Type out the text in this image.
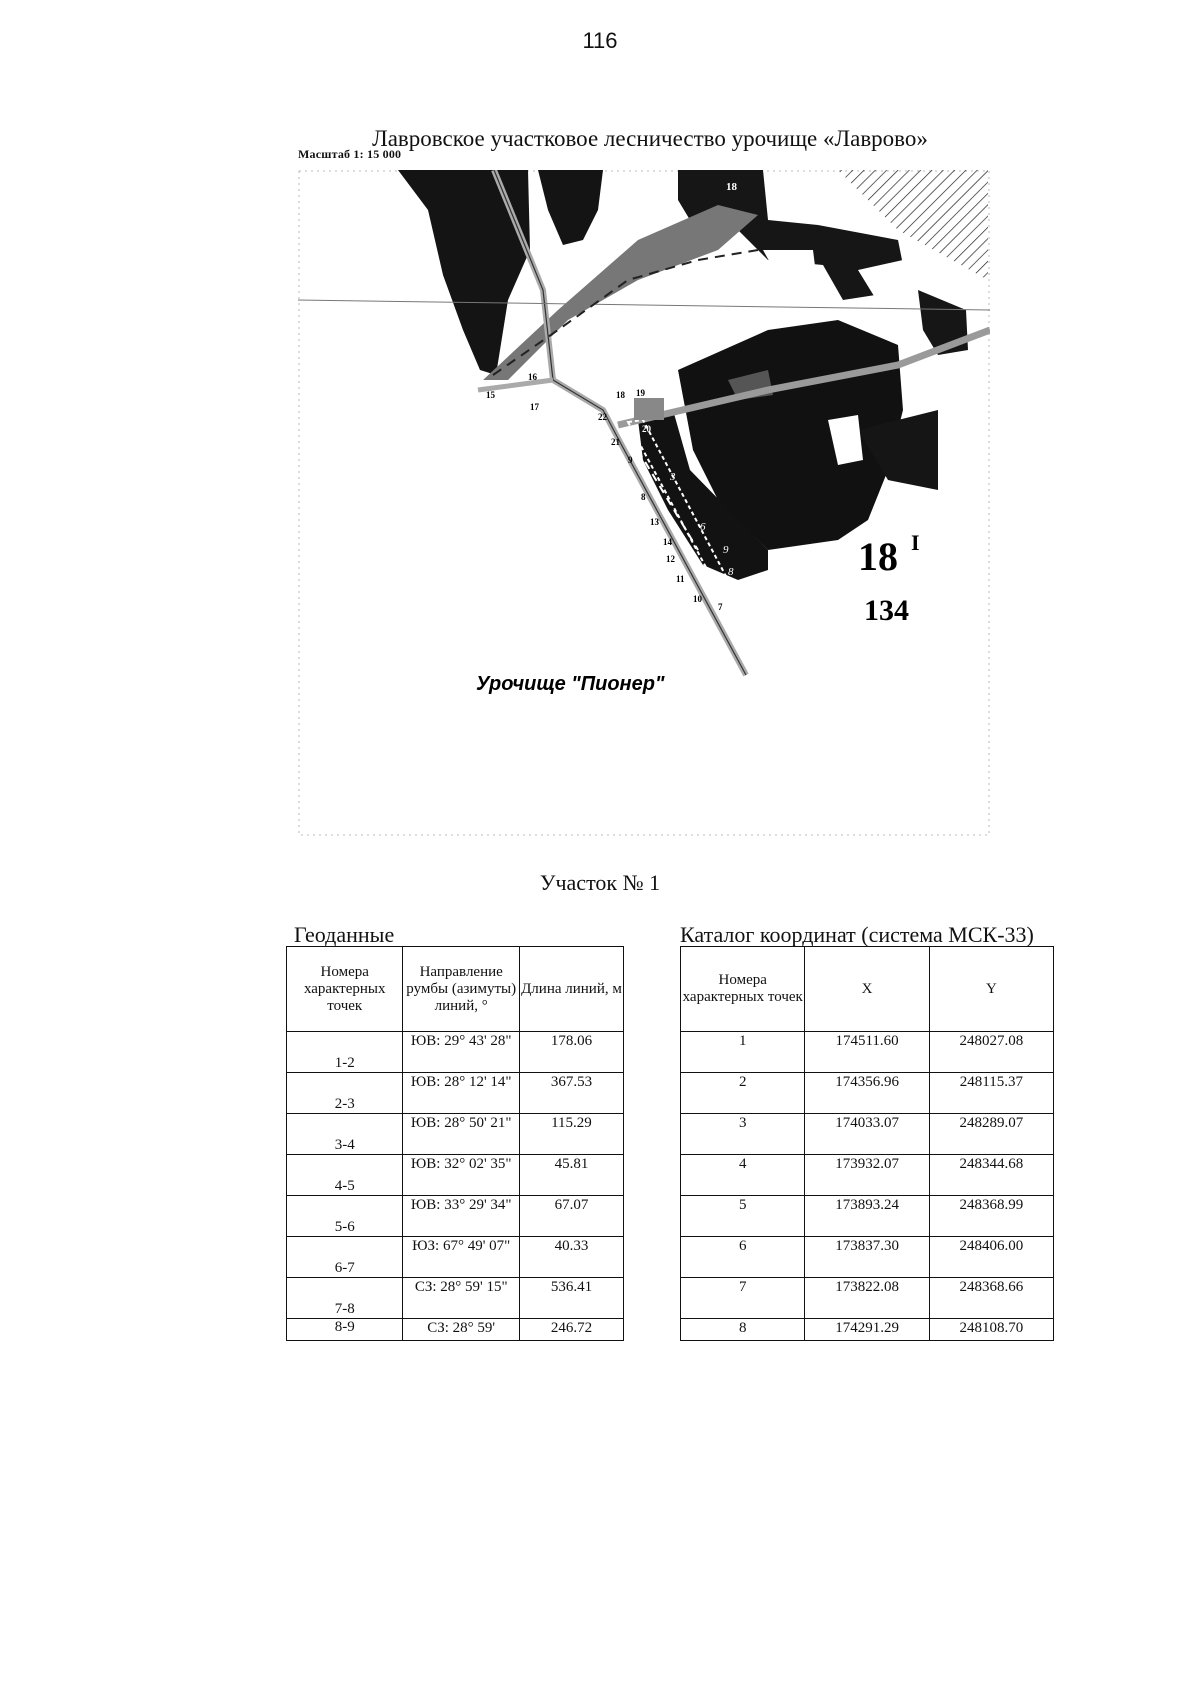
116
Лавровское участковое лесничество урочище «Лаврово»
Масштаб 1: 15 000
15
16
17
18 19
20
22
21
9
8
13
14
12
11
10
7
6
3
6
9
8
18
18 I
134
Урочище "Пионер"
Участок № 1
Геоданные	Каталог координат (система МСК-33)
Номера характерных точек	Направление румбы (азимуты) линий, °	Длина линий, м
1-2	ЮВ: 29° 43' 28"	178.06
2-3	ЮВ: 28° 12' 14"	367.53
3-4	ЮВ: 28° 50' 21"	115.29
4-5	ЮВ: 32° 02' 35"	45.81
5-6	ЮВ: 33° 29' 34"	67.07
6-7	ЮЗ: 67° 49' 07"	40.33
7-8	СЗ: 28° 59' 15"	536.41
8-9	СЗ: 28° 59'	246.72
Номера характерных точек	X	Y
1	174511.60	248027.08
2	174356.96	248115.37
3	174033.07	248289.07
4	173932.07	248344.68
5	173893.24	248368.99
6	173837.30	248406.00
7	173822.08	248368.66
8	174291.29	248108.70
